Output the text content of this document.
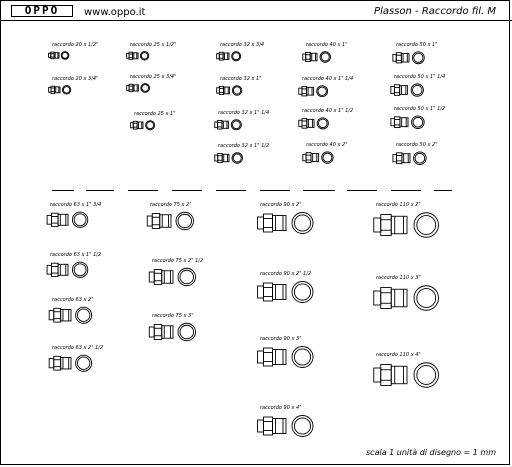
OPPO www.oppo.it	Plasson - Raccordo fil. M
raccordo 20 x 1/2"
raccordo 20 x 3/4"
raccordo 25 x 1/2"
raccordo 25 x 3/4"
raccordo 25 x 1"
raccordo 32 x 3/4
raccordo 32 x 1"
raccordo 32 x 1" 1/4
raccordo 32 x 1" 1/2
raccordo 40 x 1"
raccordo 40 x 1" 1/4
raccordo 40 x 1" 1/2
raccordo 40 x 2"
raccordo 50 x 1"
raccordo 50 x 1" 1/4
raccordo 50 x 1" 1/2
raccordo 50 x 2"
raccordo 63 x 1" 3/4
raccordo 63 x 1" 1/2
raccordo 63 x 2"
raccordo 63 x 2" 1/2
raccordo 75 x 2"
raccordo 75 x 2" 1/2
raccordo 75 x 3"
raccordo 90 x 2"
raccordo 90 x 2" 1/2
raccordo 90 x 3"
raccordo 90 x 4"
raccordo 110 x 2"
raccordo 110 x 3"
raccordo 110 x 4"
scala 1 unità di disegno = 1 mm
